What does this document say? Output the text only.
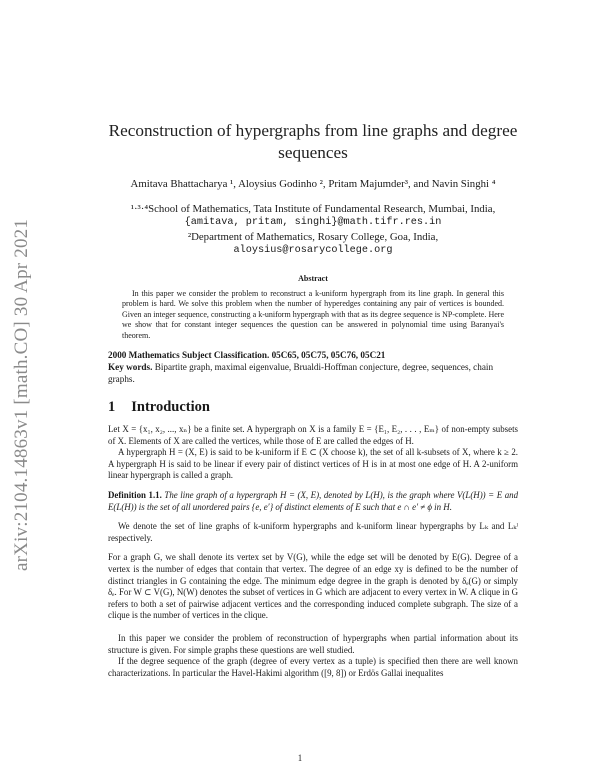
arXiv:2104.14863v1 [math.CO] 30 Apr 2021
Reconstruction of hypergraphs from line graphs and degree
sequences
Amitava Bhattacharya ¹, Aloysius Godinho ², Pritam Majumder³, and Navin Singhi ⁴
¹·³·⁴School of Mathematics, Tata Institute of Fundamental Research, Mumbai, India,
{amitava, pritam, singhi}@math.tifr.res.in
²Department of Mathematics, Rosary College, Goa, India,
aloysius@rosarycollege.org
Abstract

In this paper we consider the problem to reconstruct a k-uniform hypergraph from its line graph. In general this problem is hard. We solve this problem when the number of hyperedges containing any pair of vertices is bounded. Given an integer sequence, constructing a k-uniform hypergraph with that as its degree sequence is NP-complete. Here we show that for constant integer sequences the question can be answered in polynomial time using Baranyai's theorem.

2000 Mathematics Subject Classification. 05C65, 05C75, 05C76, 05C21
Key words. Bipartite graph, maximal eigenvalue, Brualdi-Hoffman conjecture, degree, sequences, chain graphs.
1 Introduction

Let X = {x₁, x₂, ..., xₙ} be a finite set. A hypergraph on X is a family E = {E₁, E₂, . . . , Eₘ} of non-empty subsets of X. Elements of X are called the vertices, while those of E are called the edges of H.

A hypergraph H = (X, E) is said to be k-uniform if E ⊂ (X choose k), the set of all k-subsets of X, where k ≥ 2. A hypergraph H is said to be linear if every pair of distinct vertices of H is in at most one edge of H. A 2-uniform linear hypergraph is called a graph.

Definition 1.1. The line graph of a hypergraph H = (X, E), denoted by L(H), is the graph where V(L(H)) = E and E(L(H)) is the set of all unordered pairs {e, e′} of distinct elements of E such that e ∩ e′ ≠ ϕ in H.

We denote the set of line graphs of k-uniform hypergraphs and k-uniform linear hypergraphs by Lₖ and Lₖˡ respectively.

For a graph G, we shall denote its vertex set by V(G), while the edge set will be denoted by E(G). Degree of a vertex is the number of edges that contain that vertex. The degree of an edge xy is defined to be the number of distinct triangles in G containing the edge. The minimum edge degree in the graph is denoted by δₑ(G) or simply δₑ. For W ⊂ V(G), N(W) denotes the subset of vertices in G which are adjacent to every vertex in W. A clique in G refers to both a set of pairwise adjacent vertices and the corresponding induced complete subgraph. The size of a clique is the number of vertices in the clique.

In this paper we consider the problem of reconstruction of hypergraphs when partial information about its structure is given. For simple graphs these questions are well studied.

If the degree sequence of the graph (degree of every vertex as a tuple) is specified then there are well known characterizations. In particular the Havel-Hakimi algorithm ([9, 8]) or Erdös Gallai inequalites

1
